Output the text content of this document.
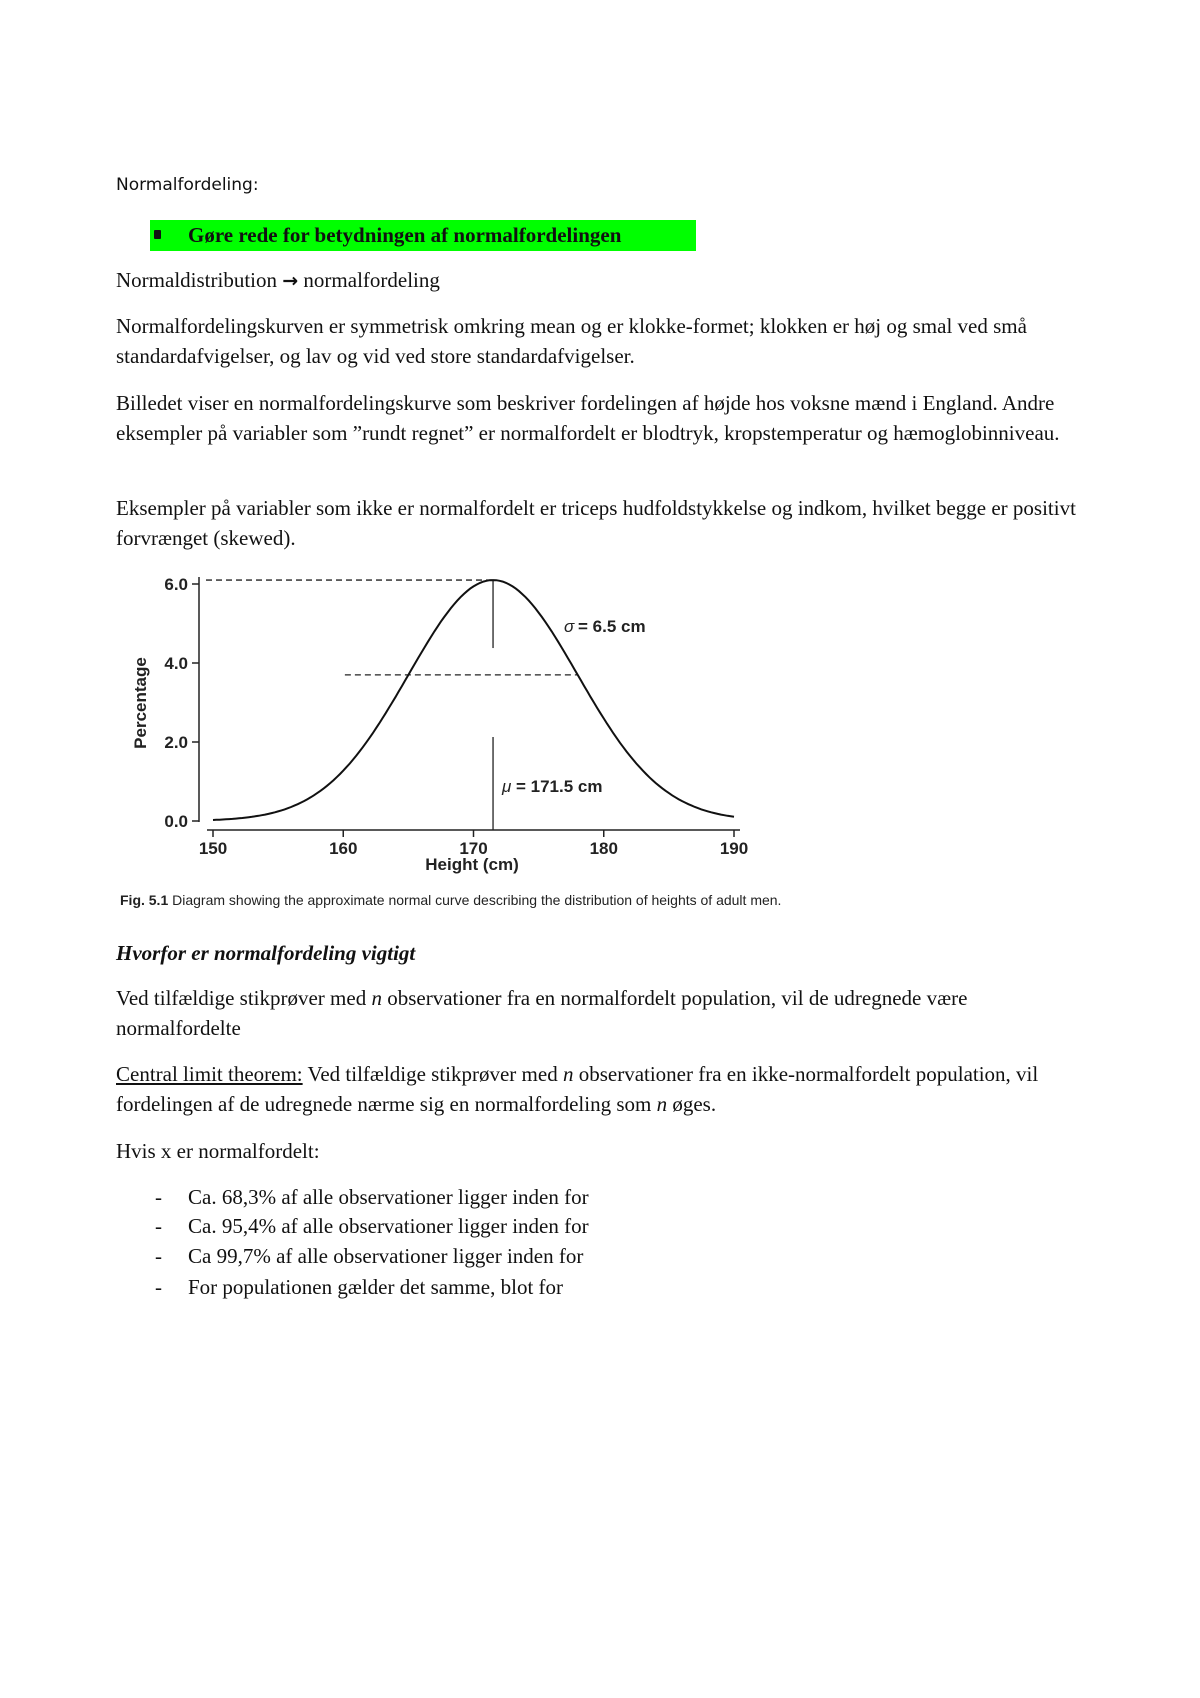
Normalfordeling:
Gøre rede for betydningen af normalfordelingen
Normaldistribution → normalfordeling
Normalfordelingskurven er symmetrisk omkring mean og er klokke-formet; klokken er høj og smal ved små standardafvigelser, og lav og vid ved store standardafvigelser.
Billedet viser en normalfordelingskurve som beskriver fordelingen af højde hos voksne mænd i England. Andre eksempler på variabler som ”rundt regnet” er normalfordelt er blodtryk, kropstemperatur og hæmoglobinniveau.
Eksempler på variabler som ikke er normalfordelt er triceps hudfoldstykkelse og indkom, hvilket begge er positivt forvrænget (skewed).
0.0
2.0
4.0
6.0
150	160	170	180	190
σ = 6.5 cm
μ = 171.5 cm
Height (cm)
Percentage
Fig. 5.1 Diagram showing the approximate normal curve describing the distribution of heights of adult men.
Hvorfor er normalfordeling vigtigt
Ved tilfældige stikprøver med n observationer fra en normalfordelt population, vil de udregnede være normalfordelte
Central limit theorem: Ved tilfældige stikprøver med n observationer fra en ikke-normalfordelt population, vil fordelingen af de udregnede nærme sig en normalfordeling som n øges.
Hvis x er normalfordelt:
- Ca. 68,3% af alle observationer ligger inden for
- Ca. 95,4% af alle observationer ligger inden for
- Ca 99,7% af alle observationer ligger inden for
- For populationen gælder det samme, blot for
